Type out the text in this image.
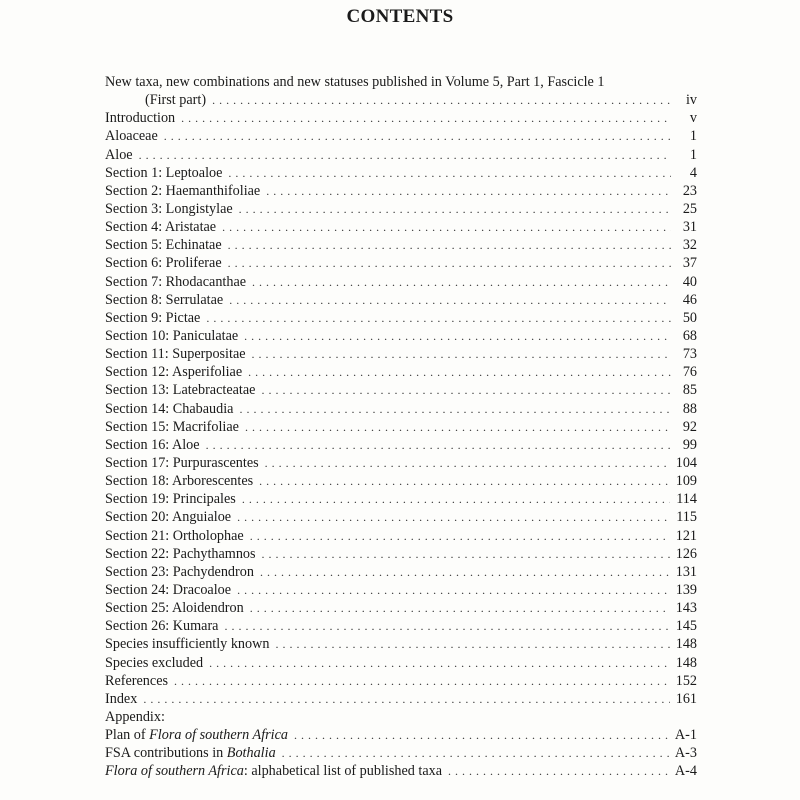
CONTENTS
New taxa, new combinations and new statuses published in Volume 5, Part 1, Fascicle 1
(First part) . . .	iv
Introduction . . .	v
Aloaceae . . .	1
Aloe . . .	1
Section 1: Leptoaloe . . .	4
Section 2: Haemanthifoliae . . .	23
Section 3: Longistylae . . .	25
Section 4: Aristatae . . .	31
Section 5: Echinatae . . .	32
Section 6: Proliferae . . .	37
Section 7: Rhodacanthae . . .	40
Section 8: Serrulatae . . .	46
Section 9: Pictae . . .	50
Section 10: Paniculatae . . .	68
Section 11: Superpositae . . .	73
Section 12: Asperifoliae . . .	76
Section 13: Latebracteatae . . .	85
Section 14: Chabaudia . . .	88
Section 15: Macrifoliae . . .	92
Section 16: Aloe . . .	99
Section 17: Purpurascentes . . .	104
Section 18: Arborescentes . . .	109
Section 19: Principales . . .	114
Section 20: Anguialoe . . .	115
Section 21: Ortholophae . . .	121
Section 22: Pachythamnos . . .	126
Section 23: Pachydendron . . .	131
Section 24: Dracoaloe . . .	139
Section 25: Aloidendron . . .	143
Section 26: Kumara . . .	145
Species insufficiently known . . .	148
Species excluded . . .	148
References . . .	152
Index . . .	161
Appendix:
Plan of Flora of southern Africa . . .	A-1
FSA contributions in Bothalia . . .	A-3
Flora of southern Africa: alphabetical list of published taxa . . .	A-4
